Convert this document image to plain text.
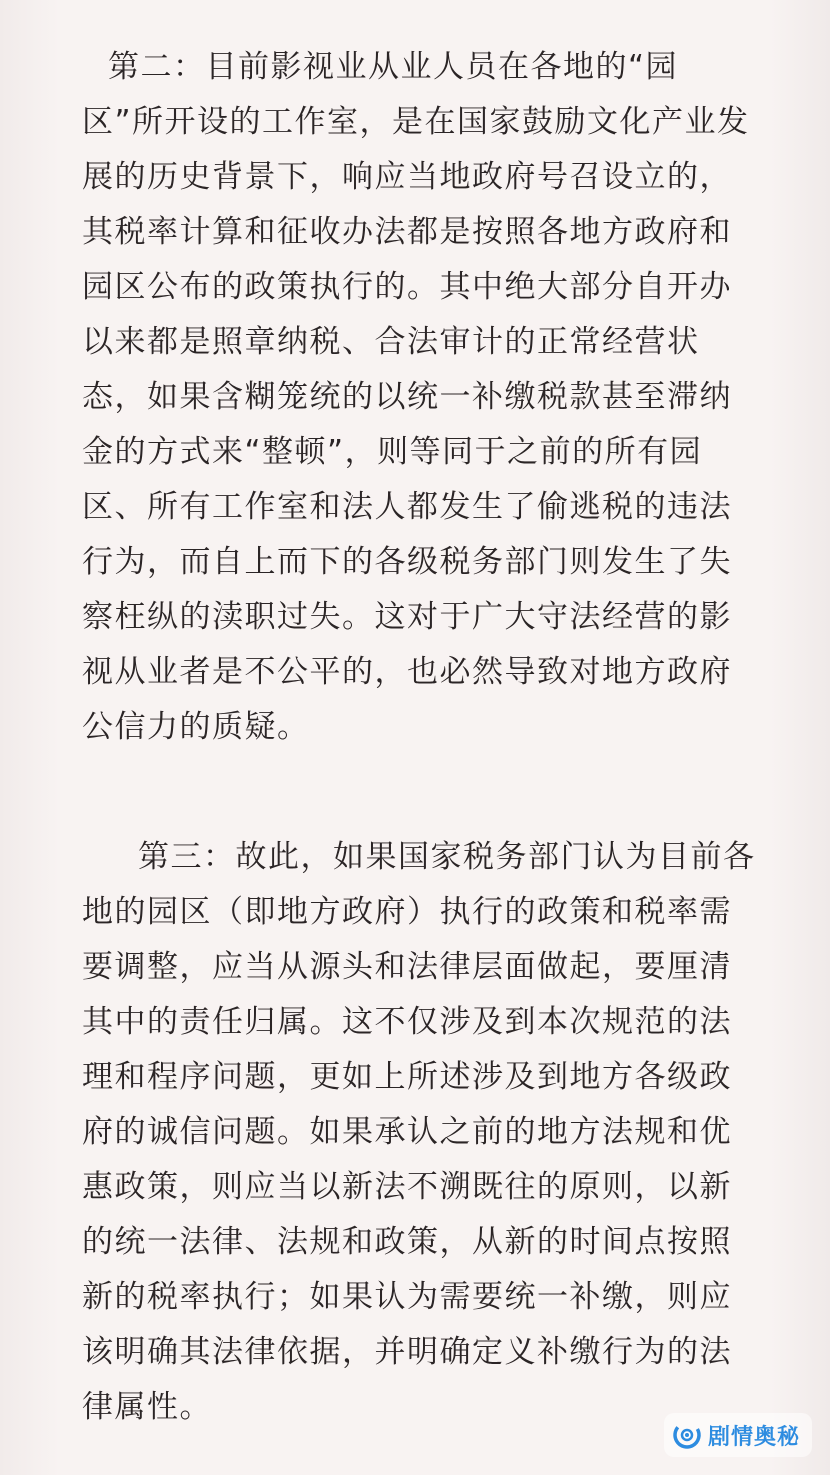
第二：目前影视业从业人员在各地的“园
区”所开设的工作室，是在国家鼓励文化产业发
展的历史背景下，响应当地政府号召设立的，
其税率计算和征收办法都是按照各地方政府和
园区公布的政策执行的。其中绝大部分自开办
以来都是照章纳税、合法审计的正常经营状
态，如果含糊笼统的以统一补缴税款甚至滞纳
金的方式来“整顿”，则等同于之前的所有园
区、所有工作室和法人都发生了偷逃税的违法
行为，而自上而下的各级税务部门则发生了失
察枉纵的渎职过失。这对于广大守法经营的影
视从业者是不公平的，也必然导致对地方政府
公信力的质疑。
第三：故此，如果国家税务部门认为目前各
地的园区（即地方政府）执行的政策和税率需
要调整，应当从源头和法律层面做起，要厘清
其中的责任归属。这不仅涉及到本次规范的法
理和程序问题，更如上所述涉及到地方各级政
府的诚信问题。如果承认之前的地方法规和优
惠政策，则应当以新法不溯既往的原则，以新
的统一法律、法规和政策，从新的时间点按照
新的税率执行；如果认为需要统一补缴，则应
该明确其法律依据，并明确定义补缴行为的法
律属性。
剧情奥秘
